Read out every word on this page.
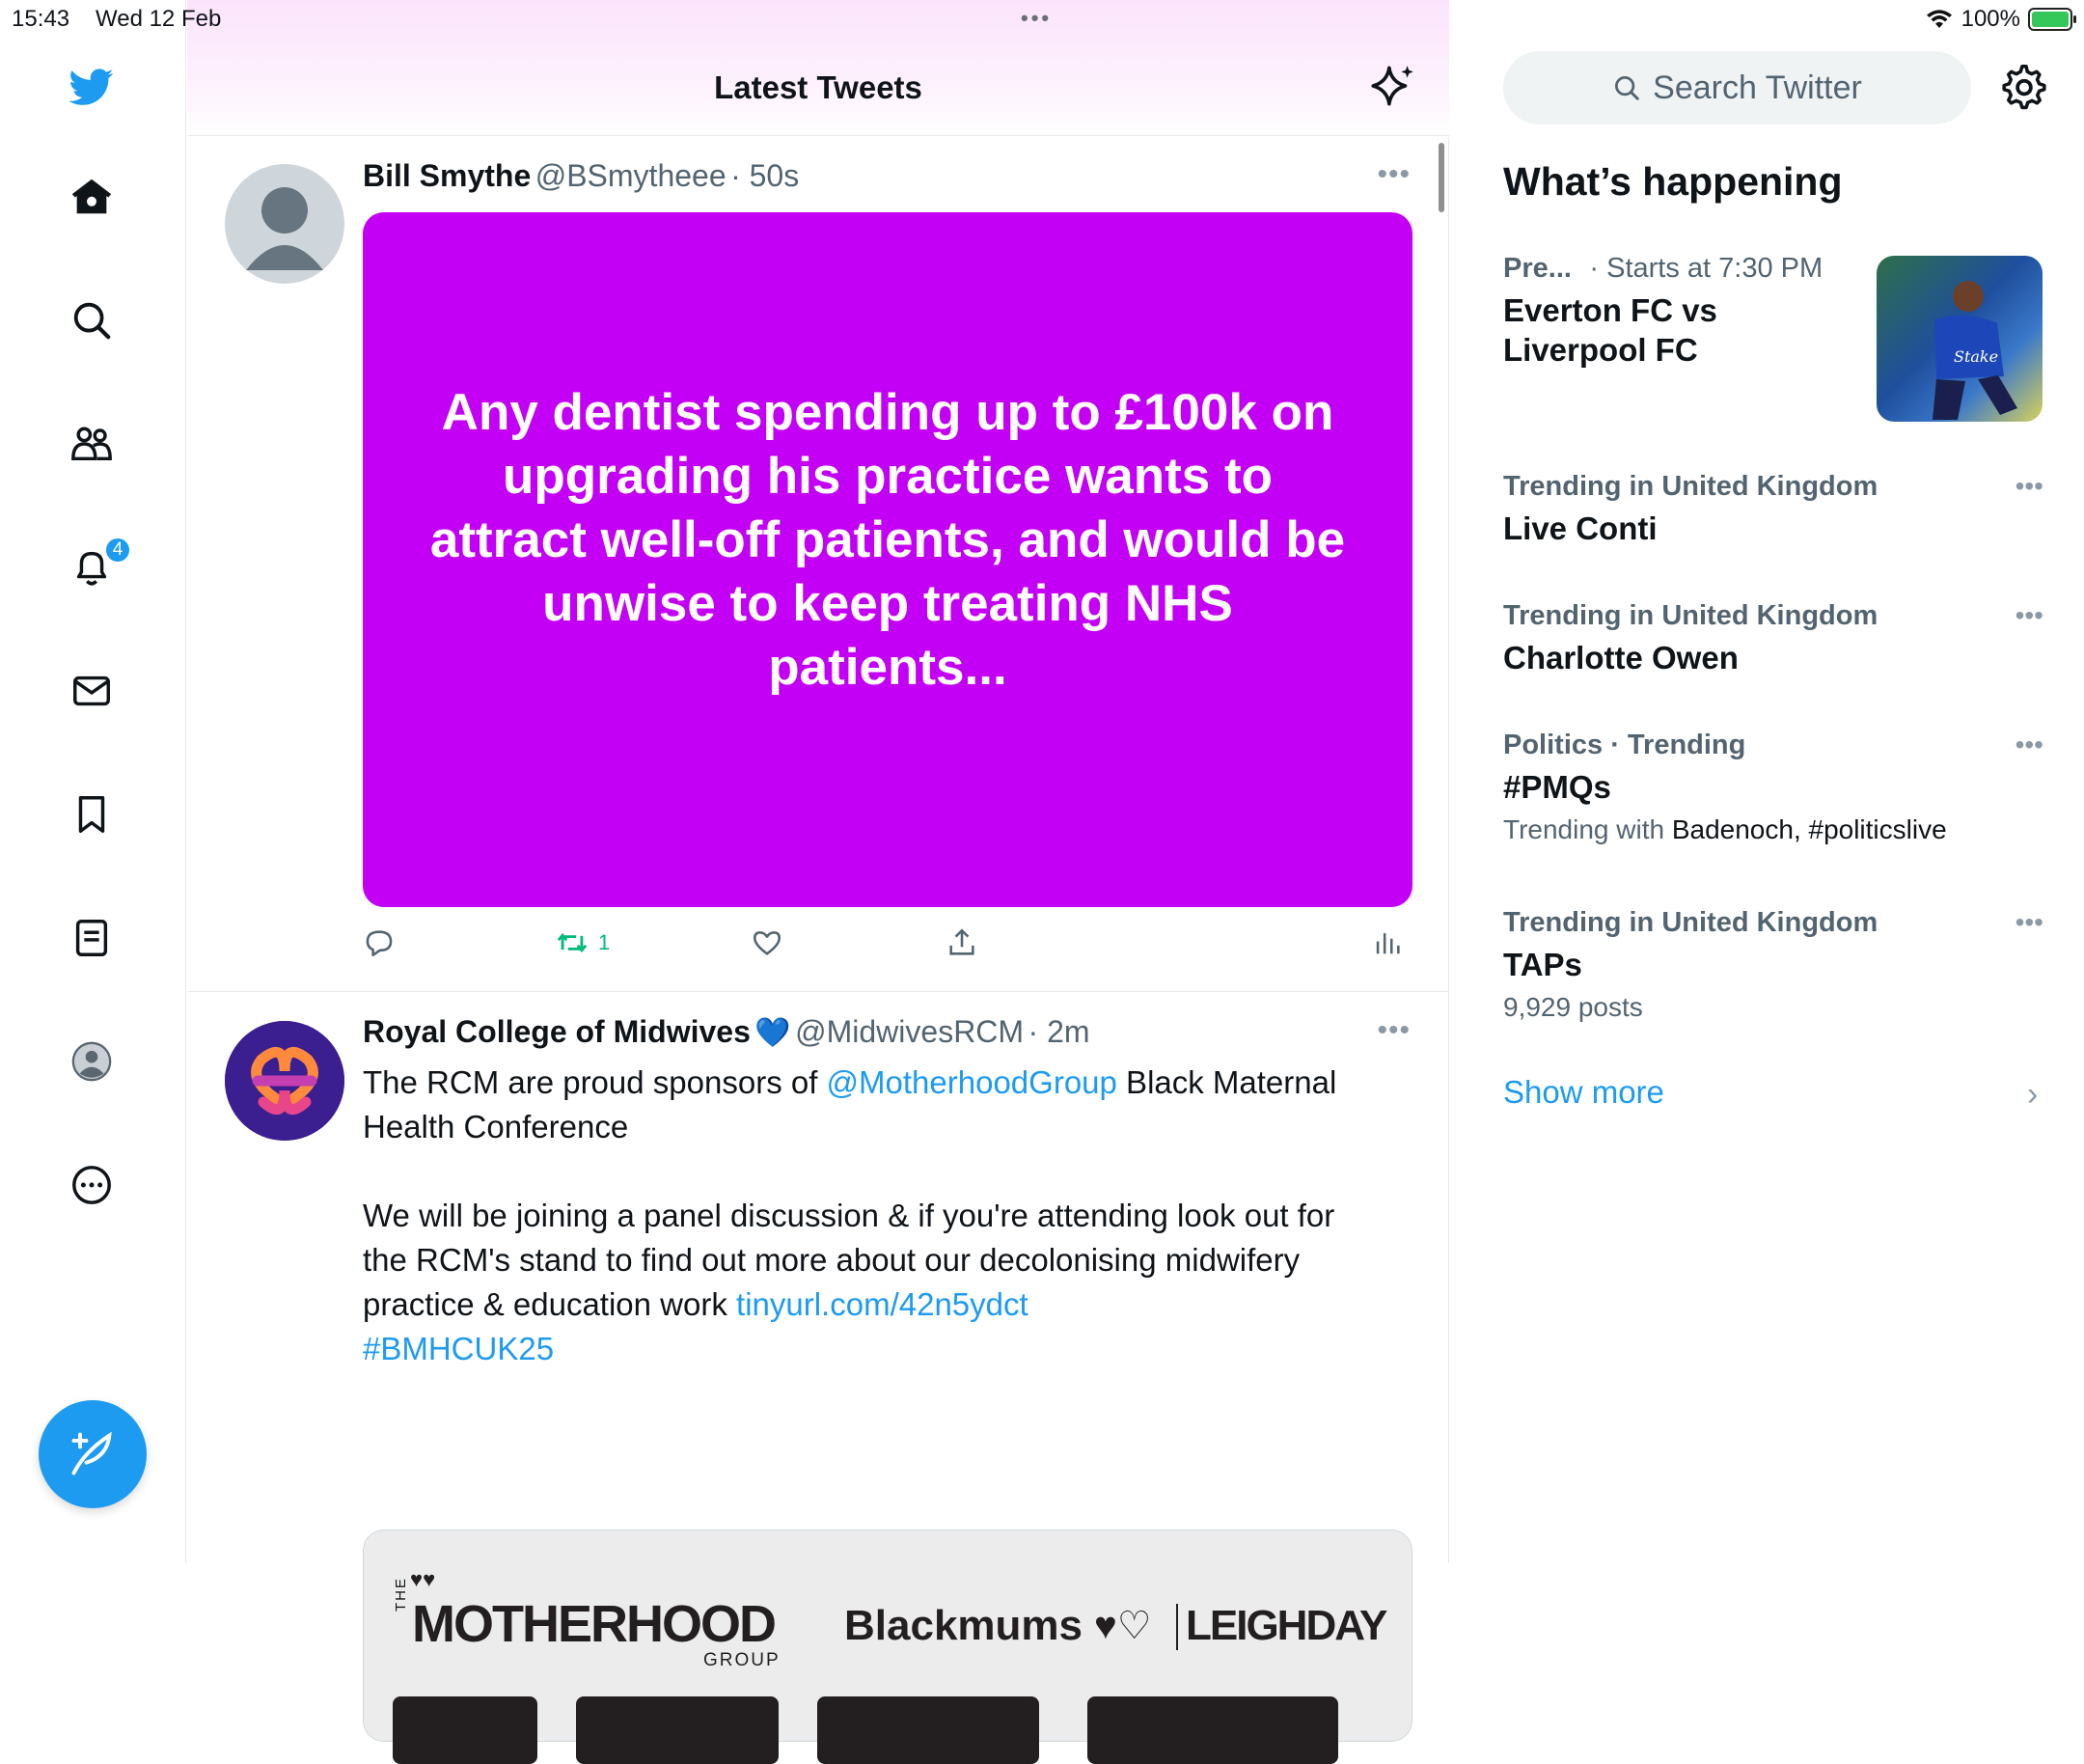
15:43 Wed 12 Feb	•••	100%
4
Latest Tweets
Bill Smythe @BSmytheee · 50s	•••
Any dentist spending up to £100k on upgrading his practice wants to attract well-off patients, and would be unwise to keep treating NHS patients...
1
Royal College of Midwives 💙 @MidwivesRCM · 2m	•••
The RCM are proud sponsors of @MotherhoodGroup Black Maternal
Health Conference
We will be joining a panel discussion & if you're attending look out for
the RCM's stand to find out more about our decolonising midwifery
practice & education work tinyurl.com/42n5ydct
#BMHCUK25
THE ♥♥
MOTHERHOOD
GROUP
Blackmums ♥♡ LEIGHDAY
Search Twitter
What’s happening
Pre... · Starts at 7:30 PM
Everton FC vs
Liverpool FC	Stake
Trending in United Kingdom
Live Conti
•••
Trending in United Kingdom
Charlotte Owen
•••
Politics · Trending
#PMQs
Trending with Badenoch, #politicslive
•••
Trending in United Kingdom
TAPs
9,929 posts
•••
Show more	›
